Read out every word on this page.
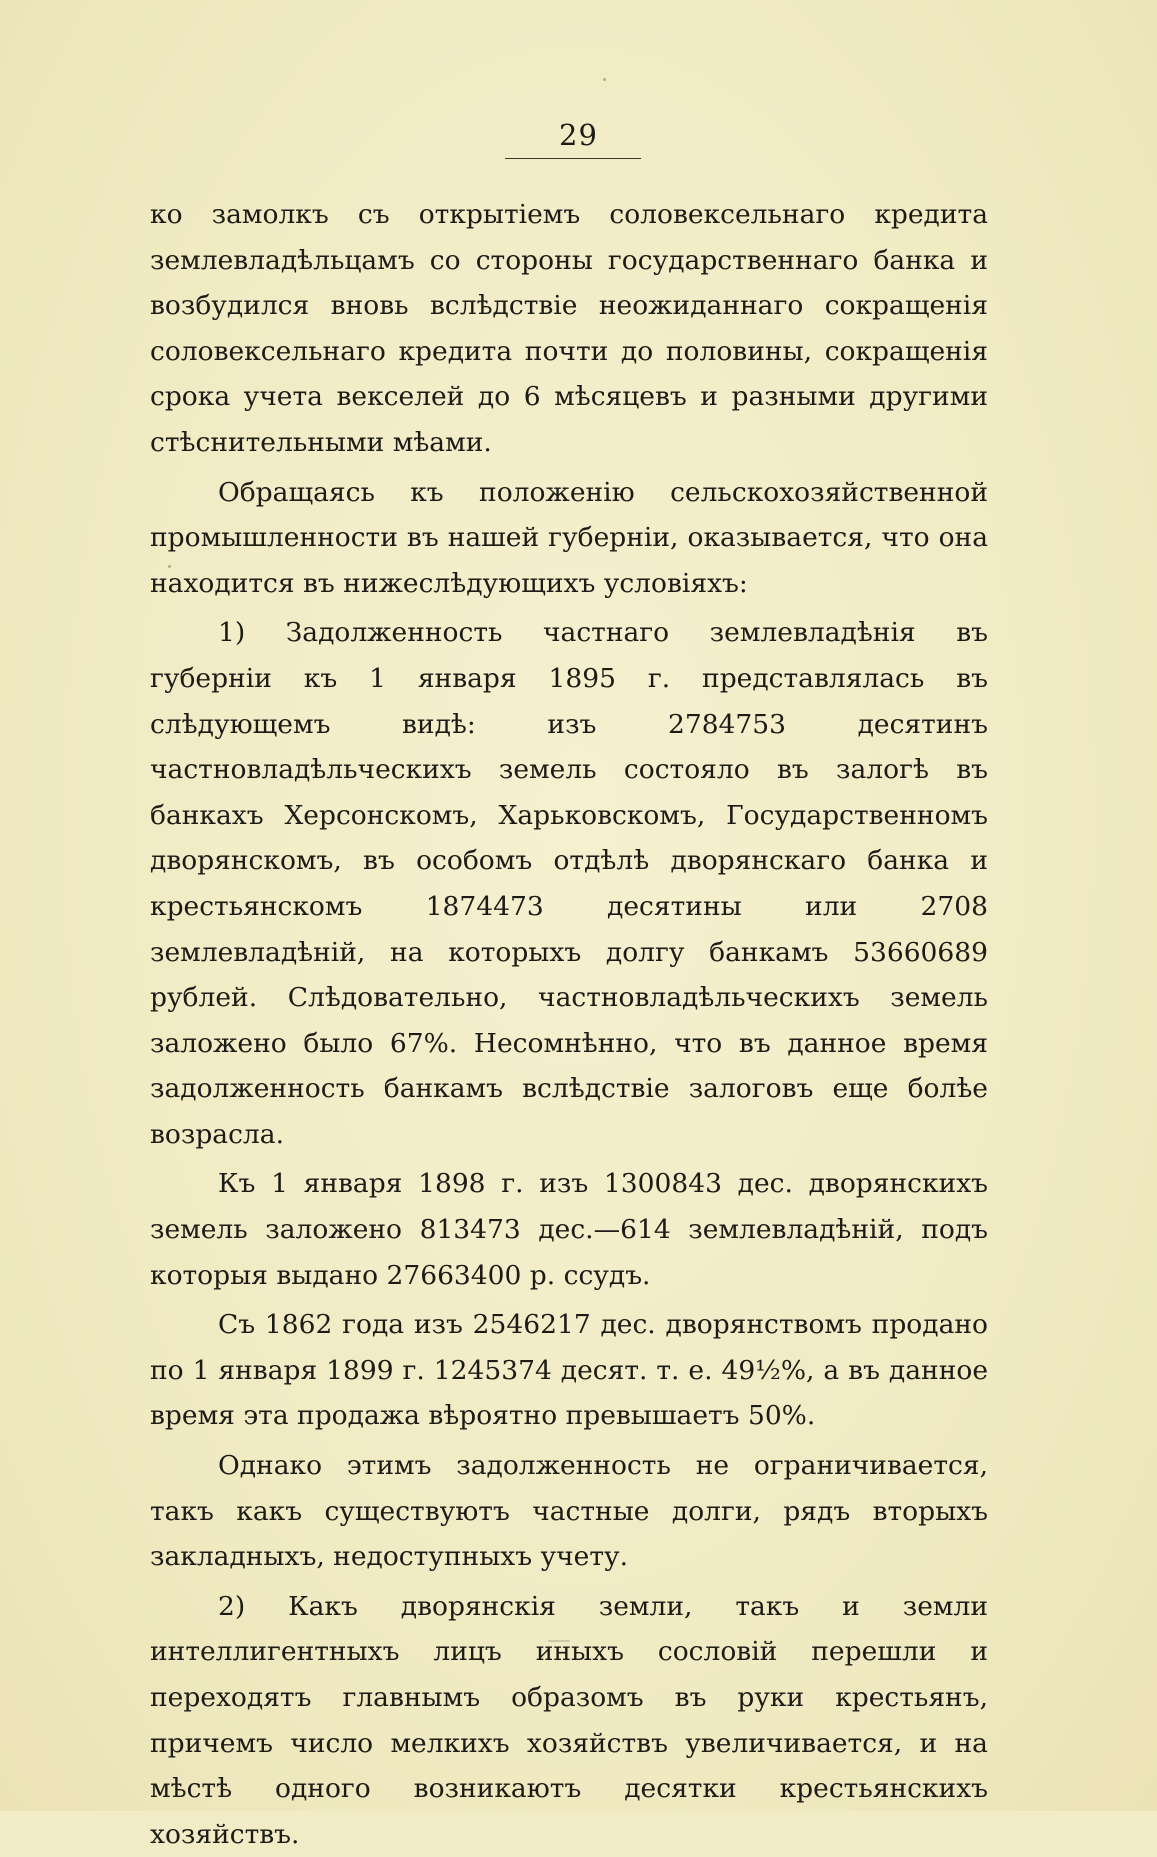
29

ко замолкъ съ открытіемъ соловексельнаго кредита землевладѣльцамъ со стороны государственнаго банка и возбудился вновь вслѣдствіе неожиданнаго сокращенія соловексельнаго кредита почти до половины, сокращенія срока учета векселей до 6 мѣсяцевъ и разными другими стѣснительными мѣами.

Обращаясь къ положенію сельскохозяйственной промышленности въ нашей губерніи, оказывается, что она находится въ нижеслѣдующихъ условіяхъ:

1) Задолженность частнаго землевладѣнія въ губерніи къ 1 января 1895 г. представлялась въ слѣдующемъ видѣ: изъ 2784753 десятинъ частновладѣльческихъ земель состояло въ залогѣ въ банкахъ Херсонскомъ, Харьковскомъ, Государственномъ дворянскомъ, въ особомъ отдѣлѣ дворянскаго банка и крестьянскомъ 1874473 десятины или 2708 землевладѣній, на которыхъ долгу банкамъ 53660689 рублей. Слѣдовательно, частновладѣльческихъ земель заложено было 67%. Несомнѣнно, что въ данное время задолженность банкамъ вслѣдствіе залоговъ еще болѣе возрасла.

Къ 1 января 1898 г. изъ 1300843 дес. дворянскихъ земель заложено 813473 дес.—614 землевладѣній, подъ которыя выдано 27663400 р. ссудъ.

Съ 1862 года изъ 2546217 дес. дворянствомъ продано по 1 января 1899 г. 1245374 десят. т. е. 49½%, а въ данное время эта продажа вѣроятно превышаетъ 50%.

Однако этимъ задолженность не ограничивается, такъ какъ существуютъ частные долги, рядъ вторыхъ закладныхъ, недоступныхъ учету.

2) Какъ дворянскія земли, такъ и земли интеллигентныхъ лицъ иныхъ сословій перешли и переходятъ главнымъ образомъ въ руки крестьянъ, причемъ число мелкихъ хозяйствъ увеличивается, и на мѣстѣ одного возникаютъ десятки крестьянскихъ хозяйствъ.
